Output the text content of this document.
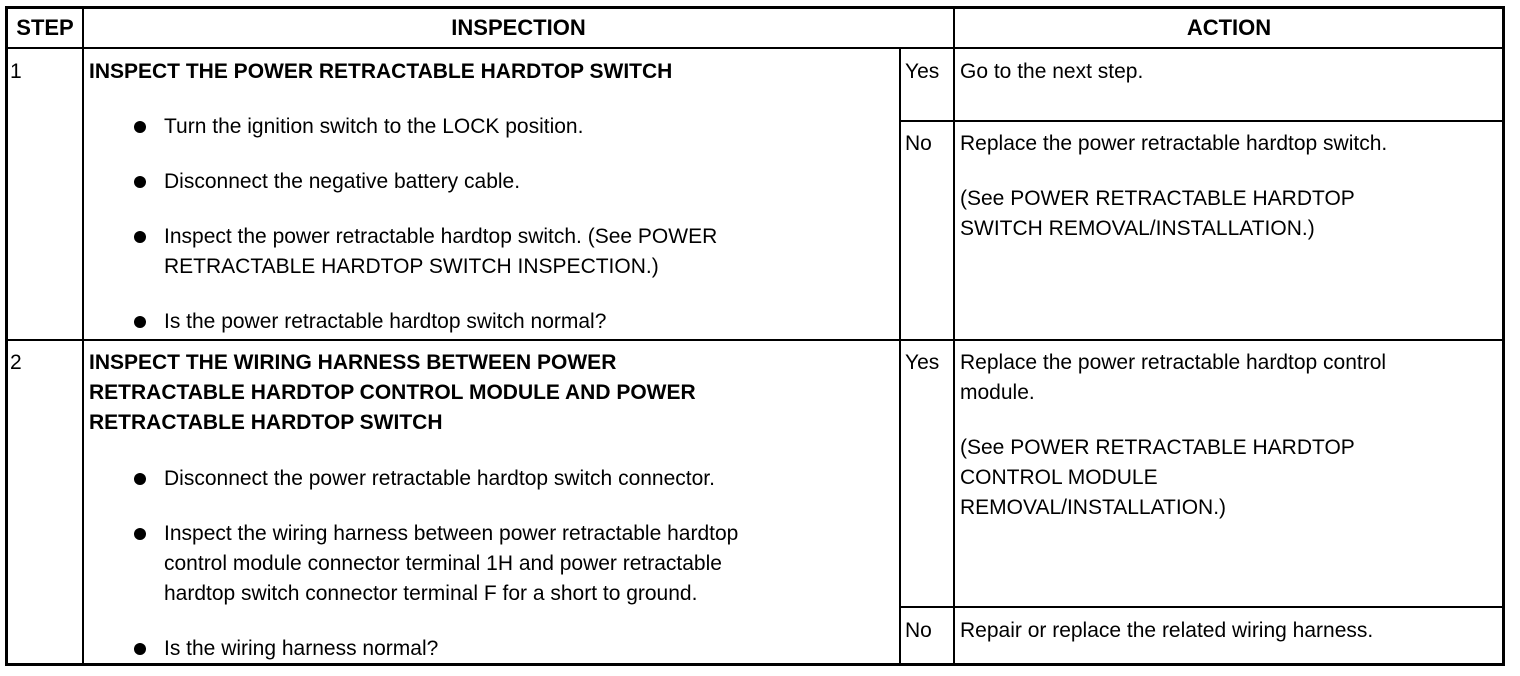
STEP	INSPECTION	ACTION
1	INSPECT THE POWER RETRACTABLE HARDTOP SWITCH
Turn the ignition switch to the LOCK position.
Disconnect the negative battery cable.
Inspect the power retractable hardtop switch. (See POWER
RETRACTABLE HARDTOP SWITCH INSPECTION.)
Is the power retractable hardtop switch normal?
Yes Go to the next step.
No Replace the power retractable hardtop switch.
(See POWER RETRACTABLE HARDTOP
SWITCH REMOVAL/INSTALLATION.)
2	INSPECT THE WIRING HARNESS BETWEEN POWER
RETRACTABLE HARDTOP CONTROL MODULE AND POWER
RETRACTABLE HARDTOP SWITCH
Disconnect the power retractable hardtop switch connector.
Inspect the wiring harness between power retractable hardtop
control module connector terminal 1H and power retractable
hardtop switch connector terminal F for a short to ground.
Is the wiring harness normal?
Yes Replace the power retractable hardtop control
module.
(See POWER RETRACTABLE HARDTOP
CONTROL MODULE
REMOVAL/INSTALLATION.)
No Repair or replace the related wiring harness.
